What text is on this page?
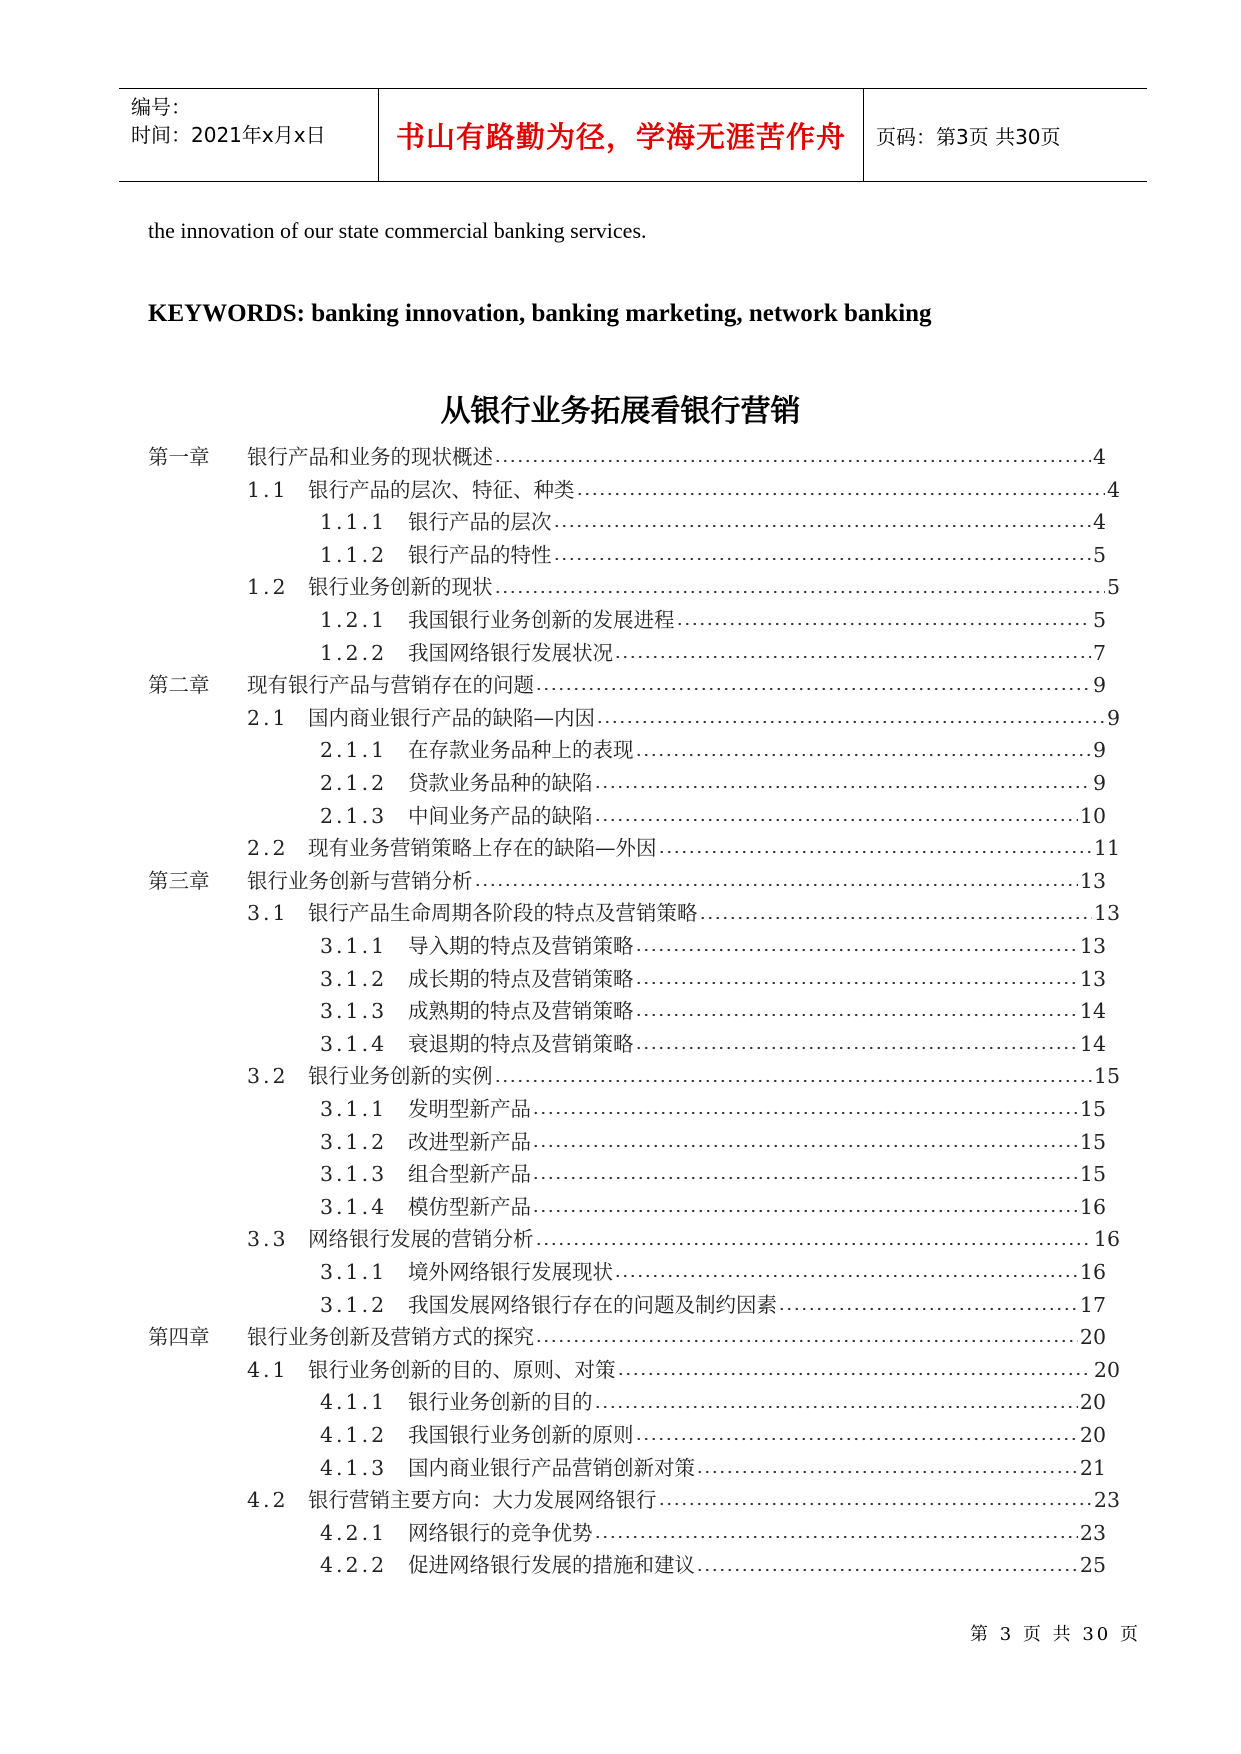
编号：
时间：2021年x月x日	书山有路勤为径，学海无涯苦作舟	页码：第3页 共30页
the innovation of our state commercial banking services.
KEYWORDS: banking innovation, banking marketing, network banking
从银行业务拓展看银行营销
第一章	银行产品和业务的现状概述	4
1.1 银行产品的层次、特征、种类	4
1.1.1	银行产品的层次	4
1.1.2	银行产品的特性	5
1.2 银行业务创新的现状	5
1.2.1	我国银行业务创新的发展进程	5
1.2.2	我国网络银行发展状况	7
第二章	现有银行产品与营销存在的问题	9
2.1 国内商业银行产品的缺陷—内因	9
2.1.1	在存款业务品种上的表现	9
2.1.2	贷款业务品种的缺陷	9
2.1.3	中间业务产品的缺陷	10
2.2 现有业务营销策略上存在的缺陷—外因	11
第三章	银行业务创新与营销分析	13
3.1 银行产品生命周期各阶段的特点及营销策略	13
3.1.1	导入期的特点及营销策略	13
3.1.2	成长期的特点及营销策略	13
3.1.3	成熟期的特点及营销策略	14
3.1.4	衰退期的特点及营销策略	14
3.2 银行业务创新的实例	15
3.1.1	发明型新产品	15
3.1.2	改进型新产品	15
3.1.3	组合型新产品	15
3.1.4	模仿型新产品	16
3.3 网络银行发展的营销分析	16
3.1.1	境外网络银行发展现状	16
3.1.2	我国发展网络银行存在的问题及制约因素	17
第四章	银行业务创新及营销方式的探究	20
4.1 银行业务创新的目的、原则、对策	20
4.1.1	银行业务创新的目的	20
4.1.2	我国银行业务创新的原则	20
4.1.3	国内商业银行产品营销创新对策	21
4.2 银行营销主要方向：大力发展网络银行	23
4.2.1	网络银行的竞争优势	23
4.2.2	促进网络银行发展的措施和建议	25
第 3 页 共 30 页
